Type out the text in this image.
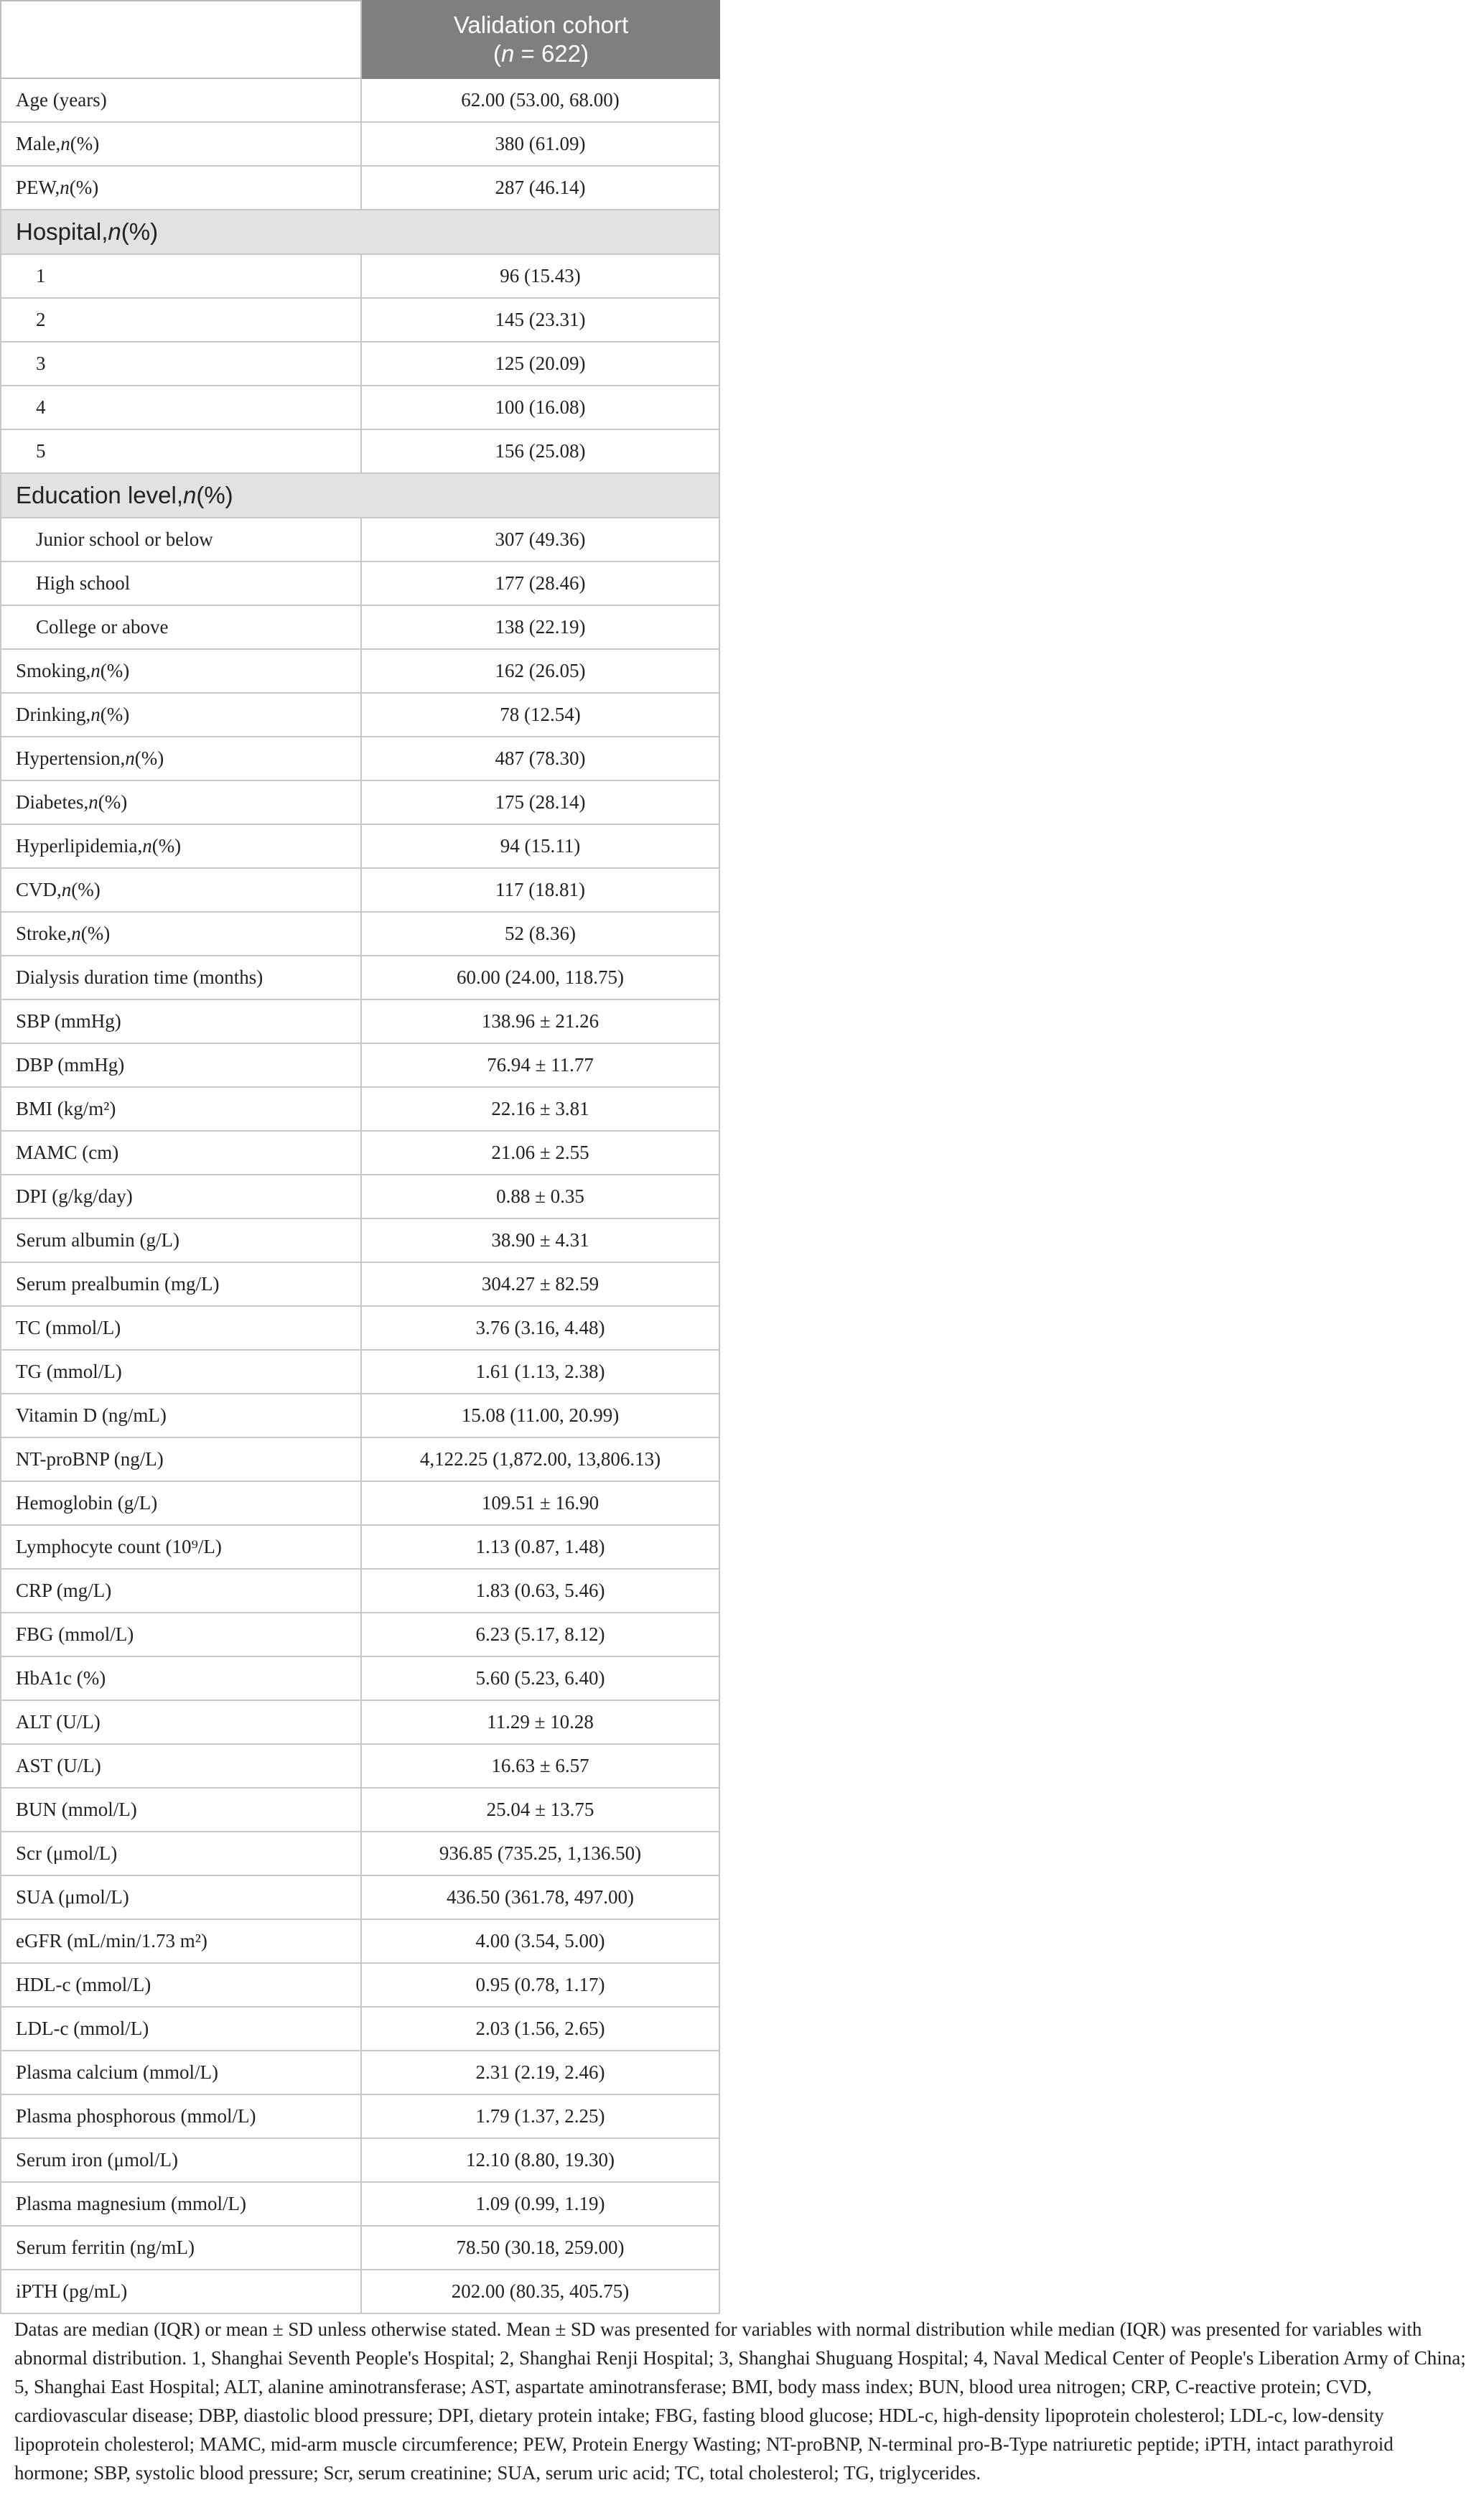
Validation cohort
(n = 622)
Age (years)	62.00 (53.00, 68.00)
Male, n (%)	380 (61.09)
PEW, n (%)	287 (46.14)
Hospital, n (%)
1	96 (15.43)
2	145 (23.31)
3	125 (20.09)
4	100 (16.08)
5	156 (25.08)
Education level, n (%)
Junior school or below	307 (49.36)
High school	177 (28.46)
College or above	138 (22.19)
Smoking, n (%)	162 (26.05)
Drinking, n (%)	78 (12.54)
Hypertension, n (%)	487 (78.30)
Diabetes, n (%)	175 (28.14)
Hyperlipidemia, n (%)	94 (15.11)
CVD, n (%)	117 (18.81)
Stroke, n (%)	52 (8.36)
Dialysis duration time (months)	60.00 (24.00, 118.75)
SBP (mmHg)	138.96 ± 21.26
DBP (mmHg)	76.94 ± 11.77
BMI (kg/m²)	22.16 ± 3.81
MAMC (cm)	21.06 ± 2.55
DPI (g/kg/day)	0.88 ± 0.35
Serum albumin (g/L)	38.90 ± 4.31
Serum prealbumin (mg/L)	304.27 ± 82.59
TC (mmol/L)	3.76 (3.16, 4.48)
TG (mmol/L)	1.61 (1.13, 2.38)
Vitamin D (ng/mL)	15.08 (11.00, 20.99)
NT-proBNP (ng/L)	4,122.25 (1,872.00, 13,806.13)
Hemoglobin (g/L)	109.51 ± 16.90
Lymphocyte count (10⁹/L)	1.13 (0.87, 1.48)
CRP (mg/L)	1.83 (0.63, 5.46)
FBG (mmol/L)	6.23 (5.17, 8.12)
HbA1c (%)	5.60 (5.23, 6.40)
ALT (U/L)	11.29 ± 10.28
AST (U/L)	16.63 ± 6.57
BUN (mmol/L)	25.04 ± 13.75
Scr (μmol/L)	936.85 (735.25, 1,136.50)
SUA (μmol/L)	436.50 (361.78, 497.00)
eGFR (mL/min/1.73 m²)	4.00 (3.54, 5.00)
HDL-c (mmol/L)	0.95 (0.78, 1.17)
LDL-c (mmol/L)	2.03 (1.56, 2.65)
Plasma calcium (mmol/L)	2.31 (2.19, 2.46)
Plasma phosphorous (mmol/L)	1.79 (1.37, 2.25)
Serum iron (μmol/L)	12.10 (8.80, 19.30)
Plasma magnesium (mmol/L)	1.09 (0.99, 1.19)
Serum ferritin (ng/mL)	78.50 (30.18, 259.00)
iPTH (pg/mL)	202.00 (80.35, 405.75)
Datas are median (IQR) or mean ± SD unless otherwise stated. Mean ± SD was presented for variables with normal distribution while median (IQR) was presented for variables with abnormal distribution. 1, Shanghai Seventh People's Hospital; 2, Shanghai Renji Hospital; 3, Shanghai Shuguang Hospital; 4, Naval Medical Center of People's Liberation Army of China; 5, Shanghai East Hospital; ALT, alanine aminotransferase; AST, aspartate aminotransferase; BMI, body mass index; BUN, blood urea nitrogen; CRP, C-reactive protein; CVD, cardiovascular disease; DBP, diastolic blood pressure; DPI, dietary protein intake; FBG, fasting blood glucose; HDL-c, high-density lipoprotein cholesterol; LDL-c, low-density lipoprotein cholesterol; MAMC, mid-arm muscle circumference; PEW, Protein Energy Wasting; NT-proBNP, N-terminal pro-B-Type natriuretic peptide; iPTH, intact parathyroid hormone; SBP, systolic blood pressure; Scr, serum creatinine; SUA, serum uric acid; TC, total cholesterol; TG, triglycerides.
